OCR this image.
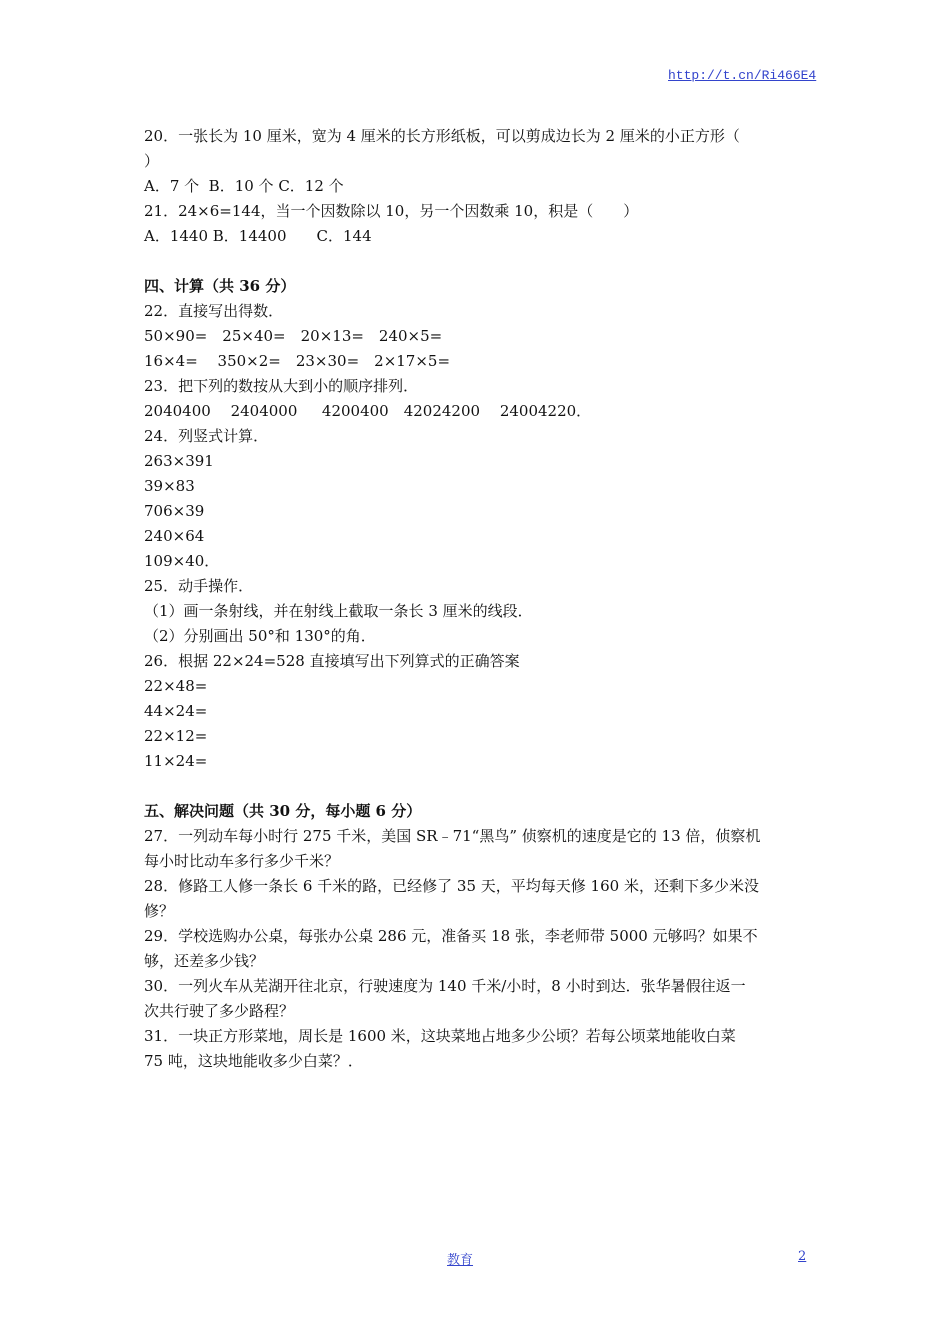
http://t.cn/Ri466E4
20．一张长为 10 厘米，宽为 4 厘米的长方形纸板，可以剪成边长为 2 厘米的小正方形（
）
A．7 个  B．10 个 C．12 个
21．24×6=144，当一个因数除以 10，另一个因数乘 10，积是（　　）
A．1440 B．14400　　C．144
四、计算（共 36 分）
22．直接写出得数．
50×90=　25×40=　20×13=　240×5=
16×4=　 350×2=　23×30=　2×17×5=
23．把下列的数按从大到小的顺序排列．
2040400　 2404000　  4200400　42024200　 24004220．
24．列竖式计算．
263×391
39×83
706×39
240×64
109×40．
25．动手操作．
（1）画一条射线，并在射线上截取一条长 3 厘米的线段．
（2）分别画出 50°和 130°的角．
26．根据 22×24=528 直接填写出下列算式的正确答案
22×48=
44×24=
22×12=
11×24=
五、解决问题（共 30 分，每小题 6 分）
27．一列动车每小时行 275 千米，美国 SR﹣71“黑鸟” 侦察机的速度是它的 13 倍，侦察机
每小时比动车多行多少千米？
28．修路工人修一条长 6 千米的路，已经修了 35 天，平均每天修 160 米，还剩下多少米没
修？
29．学校选购办公桌，每张办公桌 286 元，准备买 18 张，李老师带 5000 元够吗？如果不
够，还差多少钱？
30．一列火车从芜湖开往北京，行驶速度为 140 千米/小时，8 小时到达．张华暑假往返一
次共行驶了多少路程？
31．一块正方形菜地，周长是 1600 米，这块菜地占地多少公顷？若每公顷菜地能收白菜
75 吨，这块地能收多少白菜？．
教育	2
